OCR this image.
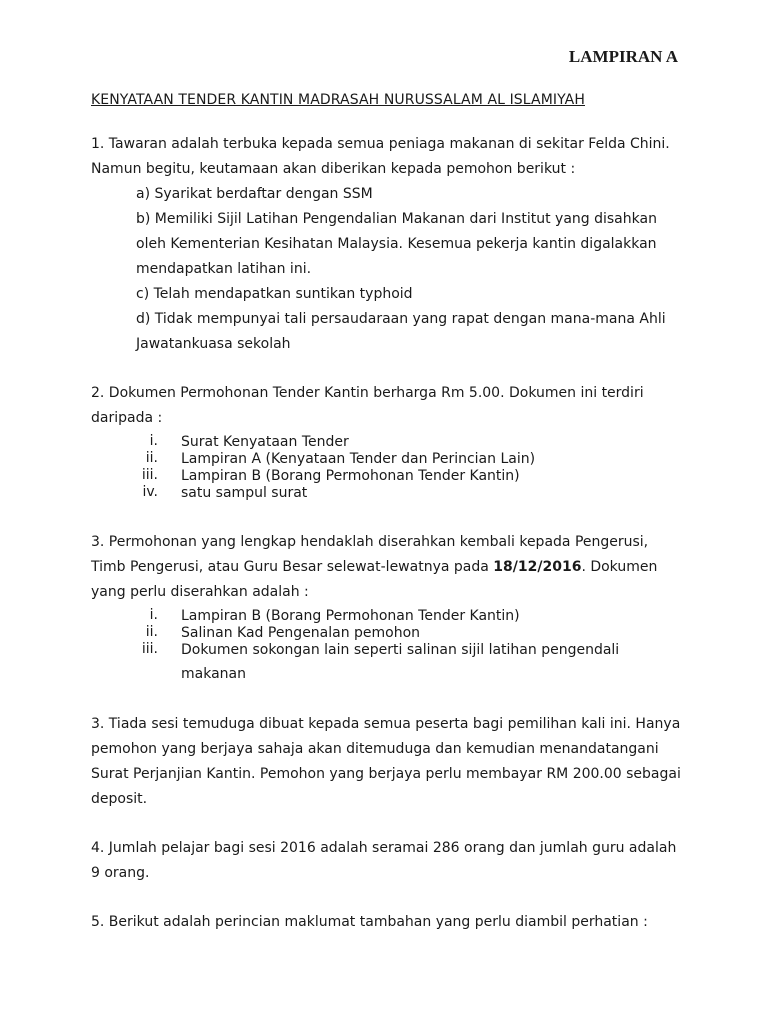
LAMPIRAN A
KENYATAAN TENDER KANTIN MADRASAH NURUSSALAM AL ISLAMIYAH
1. Tawaran adalah terbuka kepada semua peniaga makanan di sekitar Felda Chini.
Namun begitu, keutamaan akan diberikan kepada pemohon berikut :
a) Syarikat berdaftar dengan SSM
b) Memiliki Sijil Latihan Pengendalian Makanan dari Institut yang disahkan
oleh Kementerian Kesihatan Malaysia. Kesemua pekerja kantin digalakkan
mendapatkan latihan ini.
c) Telah mendapatkan suntikan typhoid
d) Tidak mempunyai tali persaudaraan yang rapat dengan mana-mana Ahli
Jawatankuasa sekolah
2. Dokumen Permohonan Tender Kantin berharga Rm 5.00. Dokumen ini terdiri
daripada :
i. Surat Kenyataan Tender
ii. Lampiran A (Kenyataan Tender dan Perincian Lain)
iii. Lampiran B (Borang Permohonan Tender Kantin)
iv. satu sampul surat
3. Permohonan yang lengkap hendaklah diserahkan kembali kepada Pengerusi,
Timb Pengerusi, atau Guru Besar selewat-lewatnya pada 18/12/2016. Dokumen
yang perlu diserahkan adalah :
i. Lampiran B (Borang Permohonan Tender Kantin)
ii. Salinan Kad Pengenalan pemohon
iii. Dokumen sokongan lain seperti salinan sijil latihan pengendali
makanan
3. Tiada sesi temuduga dibuat kepada semua peserta bagi pemilihan kali ini. Hanya
pemohon yang berjaya sahaja akan ditemuduga dan kemudian menandatangani
Surat Perjanjian Kantin. Pemohon yang berjaya perlu membayar RM 200.00 sebagai
deposit.
4. Jumlah pelajar bagi sesi 2016 adalah seramai 286 orang dan jumlah guru adalah
9 orang.
5. Berikut adalah perincian maklumat tambahan yang perlu diambil perhatian :
